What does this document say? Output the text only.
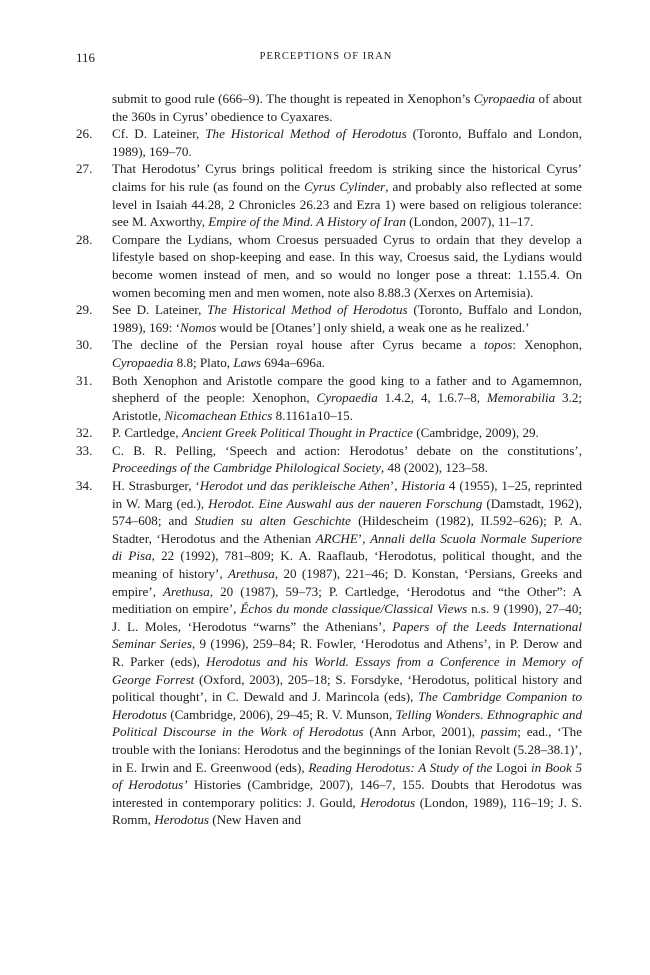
116	PERCEPTIONS OF IRAN
submit to good rule (666–9). The thought is repeated in Xenophon’s Cyropaedia of about the 360s in Cyrus’ obedience to Cyaxares.
26. Cf. D. Lateiner, The Historical Method of Herodotus (Toronto, Buffalo and London, 1989), 169–70.
27. That Herodotus’ Cyrus brings political freedom is striking since the historical Cyrus’ claims for his rule (as found on the Cyrus Cylinder, and probably also reflected at some level in Isaiah 44.28, 2 Chronicles 26.23 and Ezra 1) were based on religious tolerance: see M. Axworthy, Empire of the Mind. A History of Iran (London, 2007), 11–17.
28. Compare the Lydians, whom Croesus persuaded Cyrus to ordain that they develop a lifestyle based on shop-keeping and ease. In this way, Croesus said, the Lydians would become women instead of men, and so would no longer pose a threat: 1.155.4. On women becoming men and men women, note also 8.88.3 (Xerxes on Artemisia).
29. See D. Lateiner, The Historical Method of Herodotus (Toronto, Buffalo and London, 1989), 169: ‘Nomos would be [Otanes’] only shield, a weak one as he realized.’
30. The decline of the Persian royal house after Cyrus became a topos: Xenophon, Cyropaedia 8.8; Plato, Laws 694a–696a.
31. Both Xenophon and Aristotle compare the good king to a father and to Agamemnon, shepherd of the people: Xenophon, Cyropaedia 1.4.2, 4, 1.6.7–8, Memorabilia 3.2; Aristotle, Nicomachean Ethics 8.1161a10–15.
32. P. Cartledge, Ancient Greek Political Thought in Practice (Cambridge, 2009), 29.
33. C. B. R. Pelling, ‘Speech and action: Herodotus’ debate on the constitutions’, Proceedings of the Cambridge Philological Society, 48 (2002), 123–58.
34. H. Strasburger, ‘Herodot und das perikleische Athen’, Historia 4 (1955), 1–25, reprinted in W. Marg (ed.), Herodot. Eine Auswahl aus der naueren Forschung (Damstadt, 1962), 574–608; and Studien su alten Geschichte (Hildescheim (1982), II.592–626); P. A. Stadter, ‘Herodotus and the Athenian ARCHE’, Annali della Scuola Normale Superiore di Pisa, 22 (1992), 781–809; K. A. Raaflaub, ‘Herodotus, political thought, and the meaning of history’, Arethusa, 20 (1987), 221–46; D. Konstan, ‘Persians, Greeks and empire’, Arethusa, 20 (1987), 59–73; P. Cartledge, ‘Herodotus and “the Other”: A meditiation on empire’, Échos du monde classique/Classical Views n.s. 9 (1990), 27–40; J. L. Moles, ‘Herodotus “warns” the Athenians’, Papers of the Leeds International Seminar Series, 9 (1996), 259–84; R. Fowler, ‘Herodotus and Athens’, in P. Derow and R. Parker (eds), Herodotus and his World. Essays from a Conference in Memory of George Forrest (Oxford, 2003), 205–18; S. Forsdyke, ‘Herodotus, political history and political thought’, in C. Dewald and J. Marincola (eds), The Cambridge Companion to Herodotus (Cambridge, 2006), 29–45; R. V. Munson, Telling Wonders. Ethnographic and Political Discourse in the Work of Herodotus (Ann Arbor, 2001), passim; ead., ‘The trouble with the Ionians: Herodotus and the beginnings of the Ionian Revolt (5.28–38.1)’, in E. Irwin and E. Greenwood (eds), Reading Herodotus: A Study of the Logoi in Book 5 of Herodotus’ Histories (Cambridge, 2007), 146–7, 155. Doubts that Herodotus was interested in contemporary politics: J. Gould, Herodotus (London, 1989), 116–19; J. S. Romm, Herodotus (New Haven and
